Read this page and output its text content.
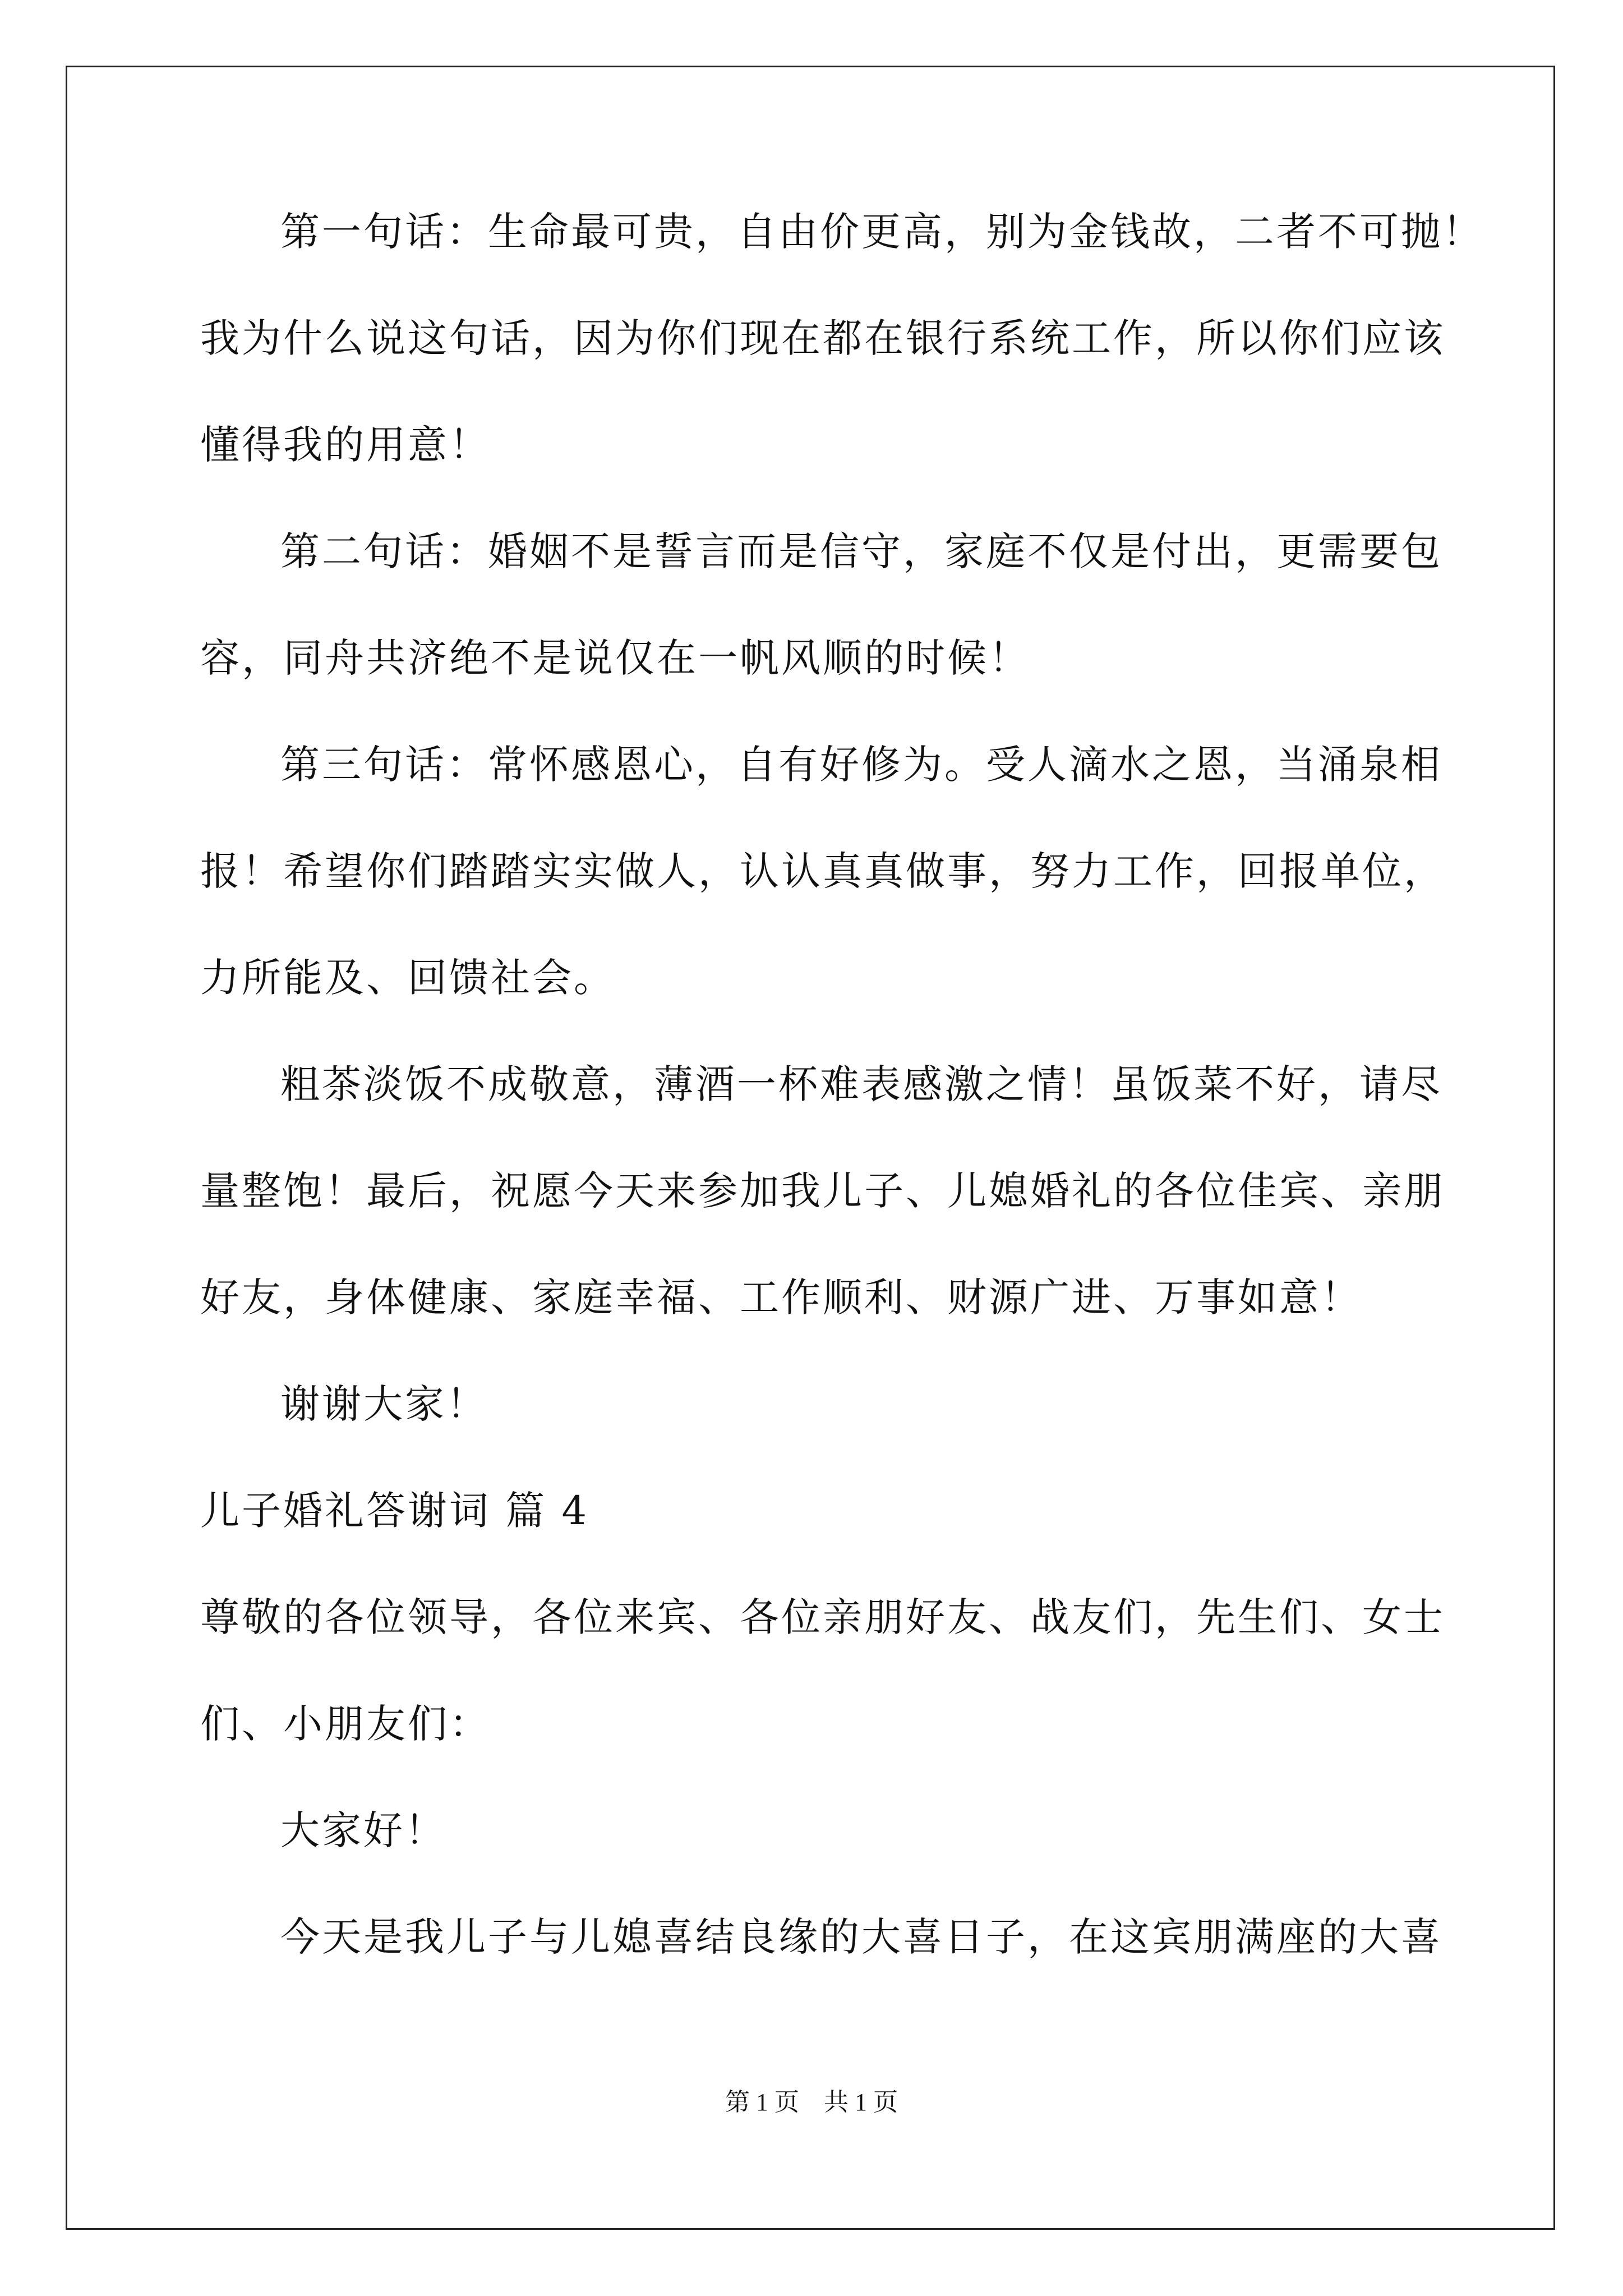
第一句话：生命最可贵，自由价更高，别为金钱故，二者不可抛！
我为什么说这句话，因为你们现在都在银行系统工作，所以你们应该
懂得我的用意！
第二句话：婚姻不是誓言而是信守，家庭不仅是付出，更需要包
容，同舟共济绝不是说仅在一帆风顺的时候！
第三句话：常怀感恩心，自有好修为。受人滴水之恩，当涌泉相
报！希望你们踏踏实实做人，认认真真做事，努力工作，回报单位，
力所能及、回馈社会。
粗茶淡饭不成敬意，薄酒一杯难表感激之情！虽饭菜不好，请尽
量整饱！最后，祝愿今天来参加我儿子、儿媳婚礼的各位佳宾、亲朋
好友，身体健康、家庭幸福、工作顺利、财源广进、万事如意！
谢谢大家！
儿子婚礼答谢词 篇 4
尊敬的各位领导，各位来宾、各位亲朋好友、战友们，先生们、女士
们、小朋友们：
大家好！
今天是我儿子与儿媳喜结良缘的大喜日子，在这宾朋满座的大喜
第 1 页　共 1 页
